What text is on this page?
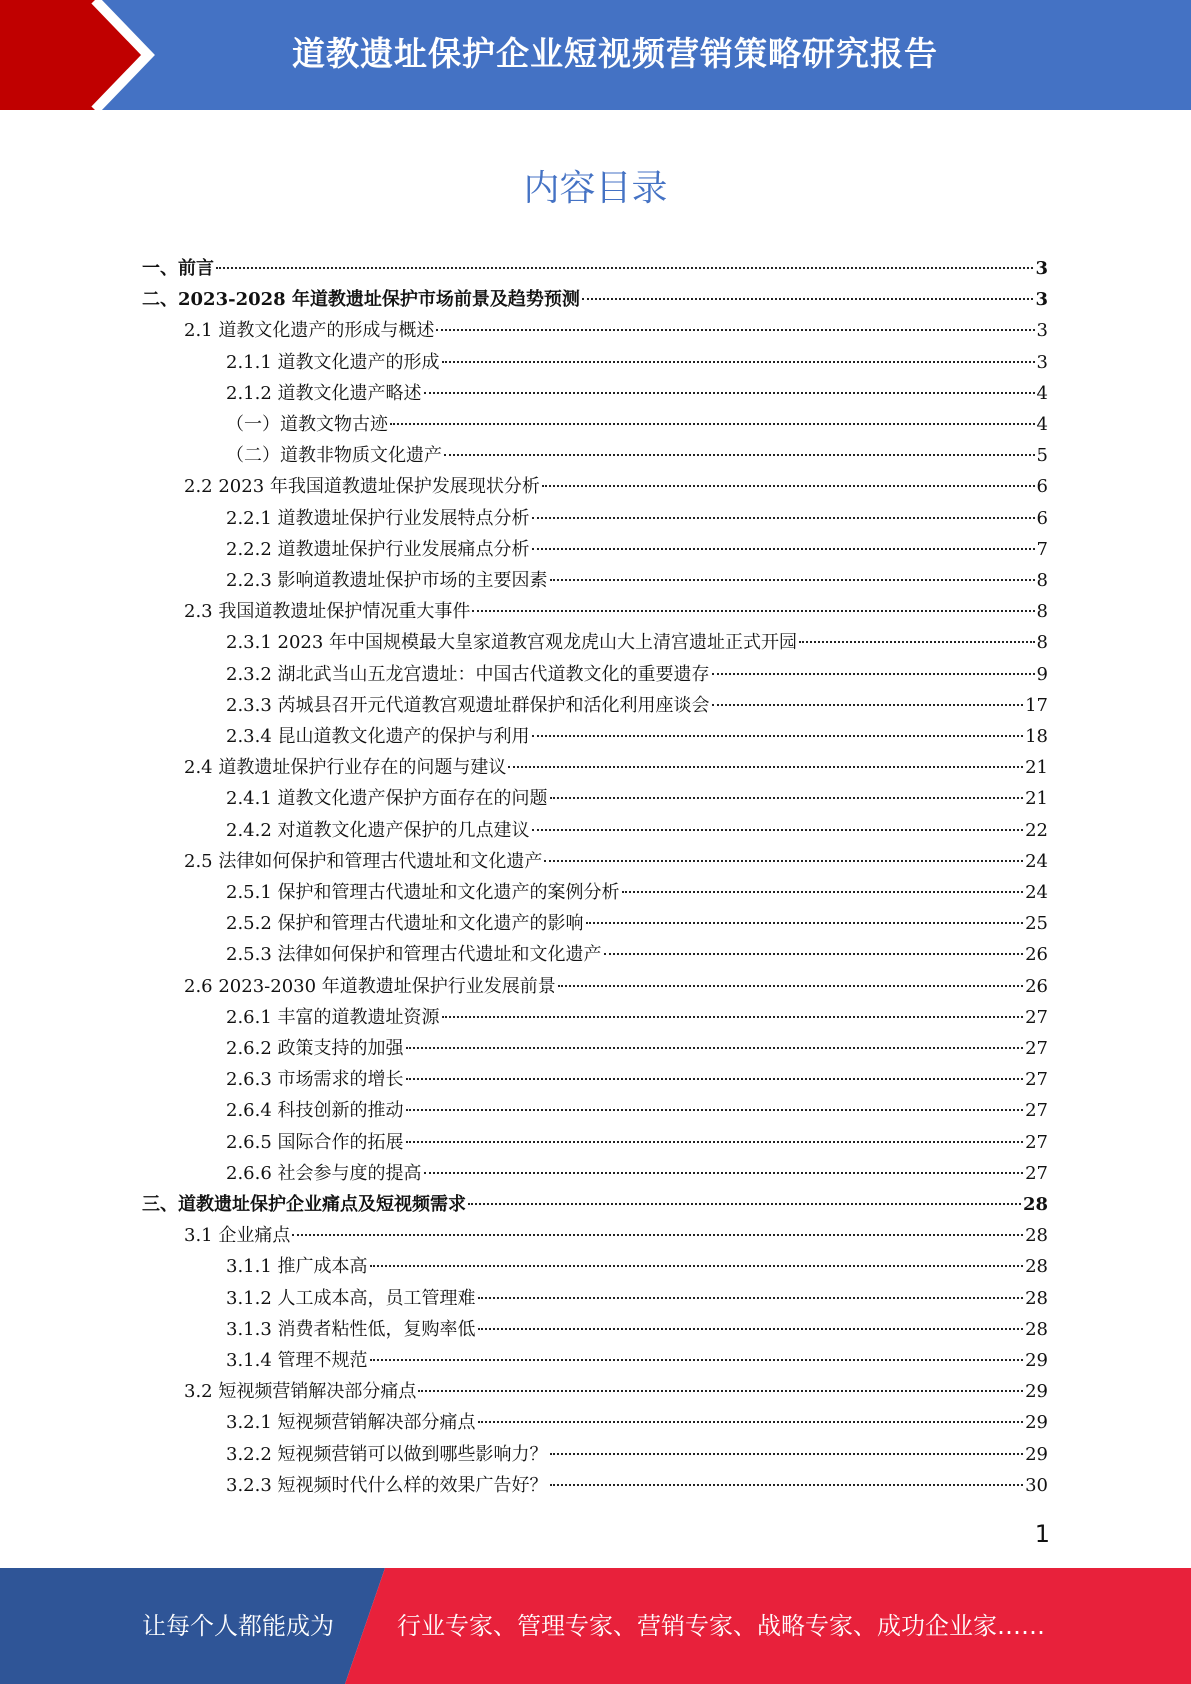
道教遗址保护企业短视频营销策略研究报告
内容目录
一、前言	3
二、2023-2028 年道教遗址保护市场前景及趋势预测	3
2.1 道教文化遗产的形成与概述	3
2.1.1 道教文化遗产的形成	3
2.1.2 道教文化遗产略述	4
（一）道教文物古迹	4
（二）道教非物质文化遗产	5
2.2 2023 年我国道教遗址保护发展现状分析	6
2.2.1 道教遗址保护行业发展特点分析	6
2.2.2 道教遗址保护行业发展痛点分析	7
2.2.3 影响道教遗址保护市场的主要因素	8
2.3 我国道教遗址保护情况重大事件	8
2.3.1 2023 年中国规模最大皇家道教宫观龙虎山大上清宫遗址正式开园	8
2.3.2 湖北武当山五龙宫遗址：中国古代道教文化的重要遗存	9
2.3.3 芮城县召开元代道教宫观遗址群保护和活化利用座谈会	17
2.3.4 昆山道教文化遗产的保护与利用	18
2.4 道教遗址保护行业存在的问题与建议	21
2.4.1 道教文化遗产保护方面存在的问题	21
2.4.2 对道教文化遗产保护的几点建议	22
2.5 法律如何保护和管理古代遗址和文化遗产	24
2.5.1 保护和管理古代遗址和文化遗产的案例分析	24
2.5.2 保护和管理古代遗址和文化遗产的影响	25
2.5.3 法律如何保护和管理古代遗址和文化遗产	26
2.6 2023-2030 年道教遗址保护行业发展前景	26
2.6.1 丰富的道教遗址资源	27
2.6.2 政策支持的加强	27
2.6.3 市场需求的增长	27
2.6.4 科技创新的推动	27
2.6.5 国际合作的拓展	27
2.6.6 社会参与度的提高	27
三、道教遗址保护企业痛点及短视频需求	28
3.1 企业痛点	28
3.1.1 推广成本高	28
3.1.2 人工成本高，员工管理难	28
3.1.3 消费者粘性低，复购率低	28
3.1.4 管理不规范	29
3.2 短视频营销解决部分痛点	29
3.2.1 短视频营销解决部分痛点	29
3.2.2 短视频营销可以做到哪些影响力？	29
3.2.3 短视频时代什么样的效果广告好？	30
1
让每个人都能成为	行业专家、管理专家、营销专家、战略专家、成功企业家……
